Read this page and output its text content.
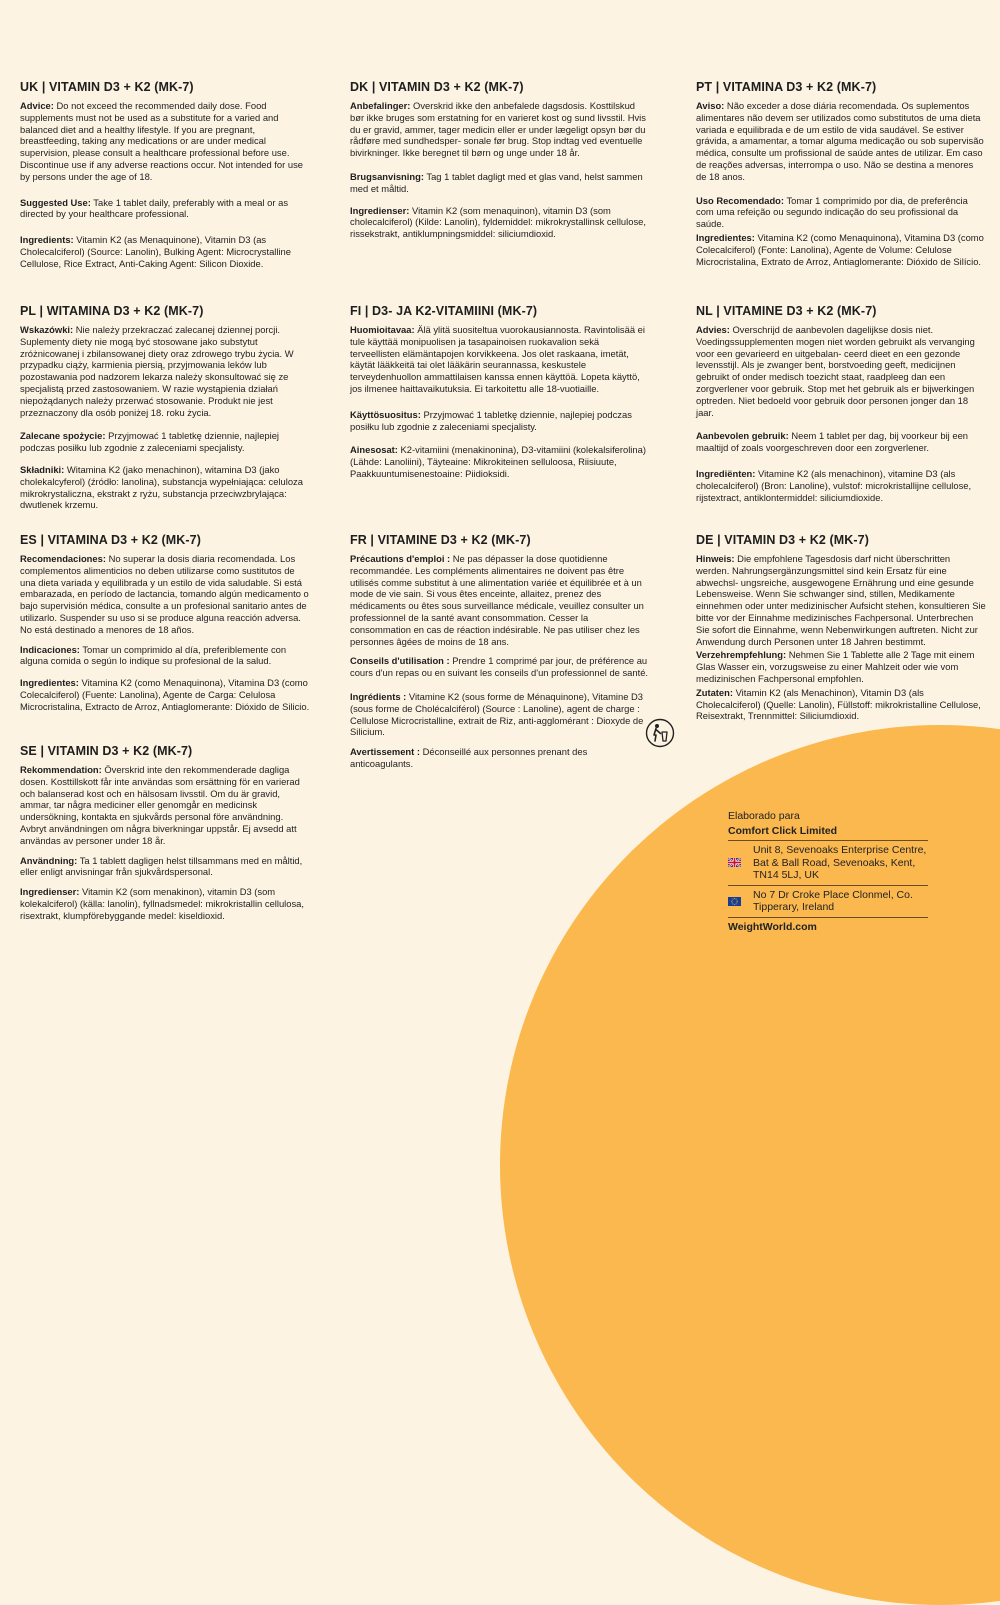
UK | VITAMIN D3 + K2 (MK-7)

Advice: Do not exceed the recommended daily dose. Food supplements must not be used as a substitute for a varied and balanced diet and a healthy lifestyle. If you are pregnant, breastfeeding, taking any medications or are under medical supervision, please consult a healthcare professional before use. Discontinue use if any adverse reactions occur. Not intended for use by persons under the age of 18.

Suggested Use: Take 1 tablet daily, preferably with a meal or as directed by your healthcare professional.

Ingredients: Vitamin K2 (as Menaquinone), Vitamin D3 (as Cholecalciferol) (Source: Lanolin), Bulking Agent: Microcrystalline Cellulose, Rice Extract, Anti-Caking Agent: Silicon Dioxide.

DK | VITAMIN D3 + K2 (MK-7)

Anbefalinger: Overskrid ikke den anbefalede dagsdosis. Kosttilskud bør ikke bruges som erstatning for en varieret kost og sund livsstil. Hvis du er gravid, ammer, tager medicin eller er under lægeligt opsyn bør du rådføre med sundhedsper- sonale før brug. Stop indtag ved eventuelle bivirkninger. Ikke beregnet til børn og unge under 18 år.

Brugsanvisning: Tag 1 tablet dagligt med et glas vand, helst sammen med et måltid.

Ingredienser: Vitamin K2 (som menaquinon), vitamin D3 (som cholecalciferol) (Kilde: Lanolin), fyldemiddel: mikrokrystallinsk cellulose, rissekstrakt, antiklumpningsmiddel: siliciumdioxid.

PT | VITAMINA D3 + K2 (MK-7)

Aviso: Não exceder a dose diária recomendada. Os suplementos alimentares não devem ser utilizados como substitutos de uma dieta variada e equilibrada e de um estilo de vida saudável. Se estiver grávida, a amamentar, a tomar alguma medicação ou sob supervisão médica, consulte um profissional de saúde antes de utilizar. Em caso de reações adversas, interrompa o uso. Não se destina a menores de 18 anos.

Uso Recomendado: Tomar 1 comprimido por dia, de preferência com uma refeição ou segundo indicação do seu profissional da saúde.

Ingredientes: Vitamina K2 (como Menaquinona), Vitamina D3 (como Colecalciferol) (Fonte: Lanolina), Agente de Volume: Celulose Microcristalina, Extrato de Arroz, Antiaglomerante: Dióxido de Silício.

PL | WITAMINA D3 + K2 (MK-7)

Wskazówki: Nie należy przekraczać zalecanej dziennej porcji. Suplementy diety nie mogą być stosowane jako substytut zróżnicowanej i zbilansowanej diety oraz zdrowego trybu życia. W przypadku ciąży, karmienia piersią, przyjmowania leków lub pozostawania pod nadzorem lekarza należy skonsultować się ze specjalistą przed zastosowaniem. W razie wystąpienia działań niepożądanych należy przerwać stosowanie. Produkt nie jest przeznaczony dla osób poniżej 18. roku życia.

Zalecane spożycie: Przyjmować 1 tabletkę dziennie, najlepiej podczas posiłku lub zgodnie z zaleceniami specjalisty.

Składniki: Witamina K2 (jako menachinon), witamina D3 (jako cholekalcyferol) (źródło: lanolina), substancja wypełniająca: celuloza mikrokrystaliczna, ekstrakt z ryżu, substancja przeciwzbrylająca: dwutlenek krzemu.

FI | D3- JA K2-VITAMIINI (MK-7)

Huomioitavaa: Älä ylitä suositeltua vuorokausiannosta. Ravintolisää ei tule käyttää monipuolisen ja tasapainoisen ruokavalion sekä terveellisten elämäntapojen korvikkeena. Jos olet raskaana, imetät, käytät lääkkeitä tai olet lääkärin seurannassa, keskustele terveydenhuollon ammattilaisen kanssa ennen käyttöä. Lopeta käyttö, jos ilmenee haittavaikutuksia. Ei tarkoitettu alle 18-vuotiaille.

Käyttösuositus: Przyjmować 1 tabletkę dziennie, najlepiej podczas posiłku lub zgodnie z zaleceniami specjalisty.

Ainesosat: K2-vitamiini (menakinonina), D3-vitamiini (kolekalsiferolina) (Lähde: Lanoliini), Täyteaine: Mikrokiteinen selluloosa, Riisiuute, Paakkuuntumisenestoaine: Piidioksidi.

NL | VITAMINE D3 + K2 (MK-7)

Advies: Overschrijd de aanbevolen dagelijkse dosis niet. Voedingssupplementen mogen niet worden gebruikt als vervanging voor een gevarieerd en uitgebalan- ceerd dieet en een gezonde levensstijl. Als je zwanger bent, borstvoeding geeft, medicijnen gebruikt of onder medisch toezicht staat, raadpleeg dan een zorgverlener voor gebruik. Stop met het gebruik als er bijwerkingen optreden. Niet bedoeld voor gebruik door personen jonger dan 18 jaar.

Aanbevolen gebruik: Neem 1 tablet per dag, bij voorkeur bij een maaltijd of zoals voorgeschreven door een zorgverlener.

Ingrediënten: Vitamine K2 (als menachinon), vitamine D3 (als cholecalciferol) (Bron: Lanoline), vulstof: microkristallijne cellulose, rijstextract, antiklontermiddel: siliciumdioxide.

ES | VITAMINA D3 + K2 (MK-7)

Recomendaciones: No superar la dosis diaria recomendada. Los complementos alimenticios no deben utilizarse como sustitutos de una dieta variada y equilibrada y un estilo de vida saludable. Si está embarazada, en período de lactancia, tomando algún medicamento o bajo supervisión médica, consulte a un profesional sanitario antes de utilizarlo. Suspender su uso si se produce alguna reacción adversa. No está destinado a menores de 18 años.

Indicaciones: Tomar un comprimido al día, preferiblemente con alguna comida o según lo indique su profesional de la salud.

Ingredientes: Vitamina K2 (como Menaquinona), Vitamina D3 (como Colecalciferol) (Fuente: Lanolina), Agente de Carga: Celulosa Microcristalina, Extracto de Arroz, Antiaglomerante: Dióxido de Silicio.

FR | VITAMINE D3 + K2 (MK-7)

Précautions d'emploi : Ne pas dépasser la dose quotidienne recommandée. Les compléments alimentaires ne doivent pas être utilisés comme substitut à une alimentation variée et équilibrée et à un mode de vie sain. Si vous êtes enceinte, allaitez, prenez des médicaments ou êtes sous surveillance médicale, veuillez consulter un professionnel de la santé avant consommation. Cesser la consommation en cas de réaction indésirable. Ne pas utiliser chez les personnes âgées de moins de 18 ans.

Conseils d'utilisation : Prendre 1 comprimé par jour, de préférence au cours d'un repas ou en suivant les conseils d'un professionnel de santé.

Ingrédients : Vitamine K2 (sous forme de Ménaquinone), Vitamine D3 (sous forme de Cholécalciférol) (Source : Lanoline), agent de charge : Cellulose Microcristalline, extrait de Riz, anti-agglomérant : Dioxyde de Silicium.

Avertissement : Déconseillé aux personnes prenant des anticoagulants.

DE | VITAMIN D3 + K2 (MK-7)

Hinweis: Die empfohlene Tagesdosis darf nicht überschritten werden. Nahrungsergänzungsmittel sind kein Ersatz für eine abwechsl- ungsreiche, ausgewogene Ernährung und eine gesunde Lebensweise. Wenn Sie schwanger sind, stillen, Medikamente einnehmen oder unter medizinischer Aufsicht stehen, konsultieren Sie bitte vor der Einnahme medizinisches Fachpersonal. Unterbrechen Sie sofort die Einnahme, wenn Nebenwirkungen auftreten. Nicht zur Anwendung durch Personen unter 18 Jahren bestimmt.

Verzehrempfehlung: Nehmen Sie 1 Tablette alle 2 Tage mit einem Glas Wasser ein, vorzugsweise zu einer Mahlzeit oder wie vom medizinischen Fachpersonal empfohlen.

Zutaten: Vitamin K2 (als Menachinon), Vitamin D3 (als Cholecalciferol) (Quelle: Lanolin), Füllstoff: mikrokristalline Cellulose, Reisextrakt, Trennmittel: Siliciumdioxid.

SE | VITAMIN D3 + K2 (MK-7)

Rekommendation: Överskrid inte den rekommenderade dagliga dosen. Kosttillskott får inte användas som ersättning för en varierad och balanserad kost och en hälsosam livsstil. Om du är gravid, ammar, tar några mediciner eller genomgår en medicinsk undersökning, kontakta en sjukvårds personal före användning. Avbryt användningen om några biverkningar uppstår. Ej avsedd att användas av personer under 18 år.

Användning: Ta 1 tablett dagligen helst tillsammans med en måltid, eller enligt anvisningar från sjukvårdspersonal.

Ingredienser: Vitamin K2 (som menakinon), vitamin D3 (som kolekalciferol) (källa: lanolin), fyllnadsmedel: mikrokristallin cellulosa, risextrakt, klumpförebyggande medel: kiseldioxid.

Elaborado para
Comfort Click Limited
Unit 8, Sevenoaks Enterprise Centre, Bat & Ball Road, Sevenoaks, Kent, TN14 5LJ, UK
No 7 Dr Croke Place Clonmel, Co. Tipperary, Ireland
WeightWorld.com
